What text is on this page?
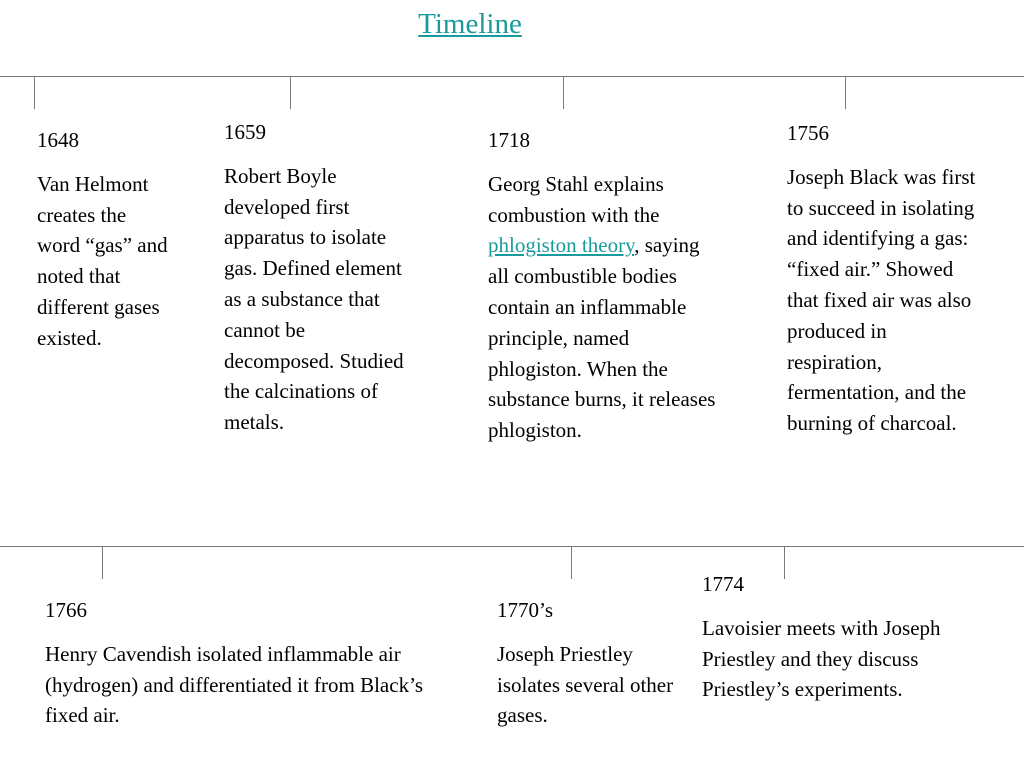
Timeline
1648
Van Helmont creates the word “gas” and noted that different gases existed.
1659
Robert Boyle developed first apparatus to isolate gas. Defined element as a substance that cannot be decomposed. Studied the calcinations of metals.
1718
Georg Stahl explains combustion with the phlogiston theory, saying all combustible bodies contain an inflammable principle, named phlogiston. When the substance burns, it releases phlogiston.
1756
Joseph Black was first to succeed in isolating and identifying a gas: “fixed air.” Showed that fixed air was also produced in respiration, fermentation, and the burning of charcoal.
1766
Henry Cavendish isolated inflammable air (hydrogen) and differentiated it from Black’s fixed air.
1770’s
Joseph Priestley isolates several other gases.
1774
Lavoisier meets with Joseph Priestley and they discuss Priestley’s experiments.
